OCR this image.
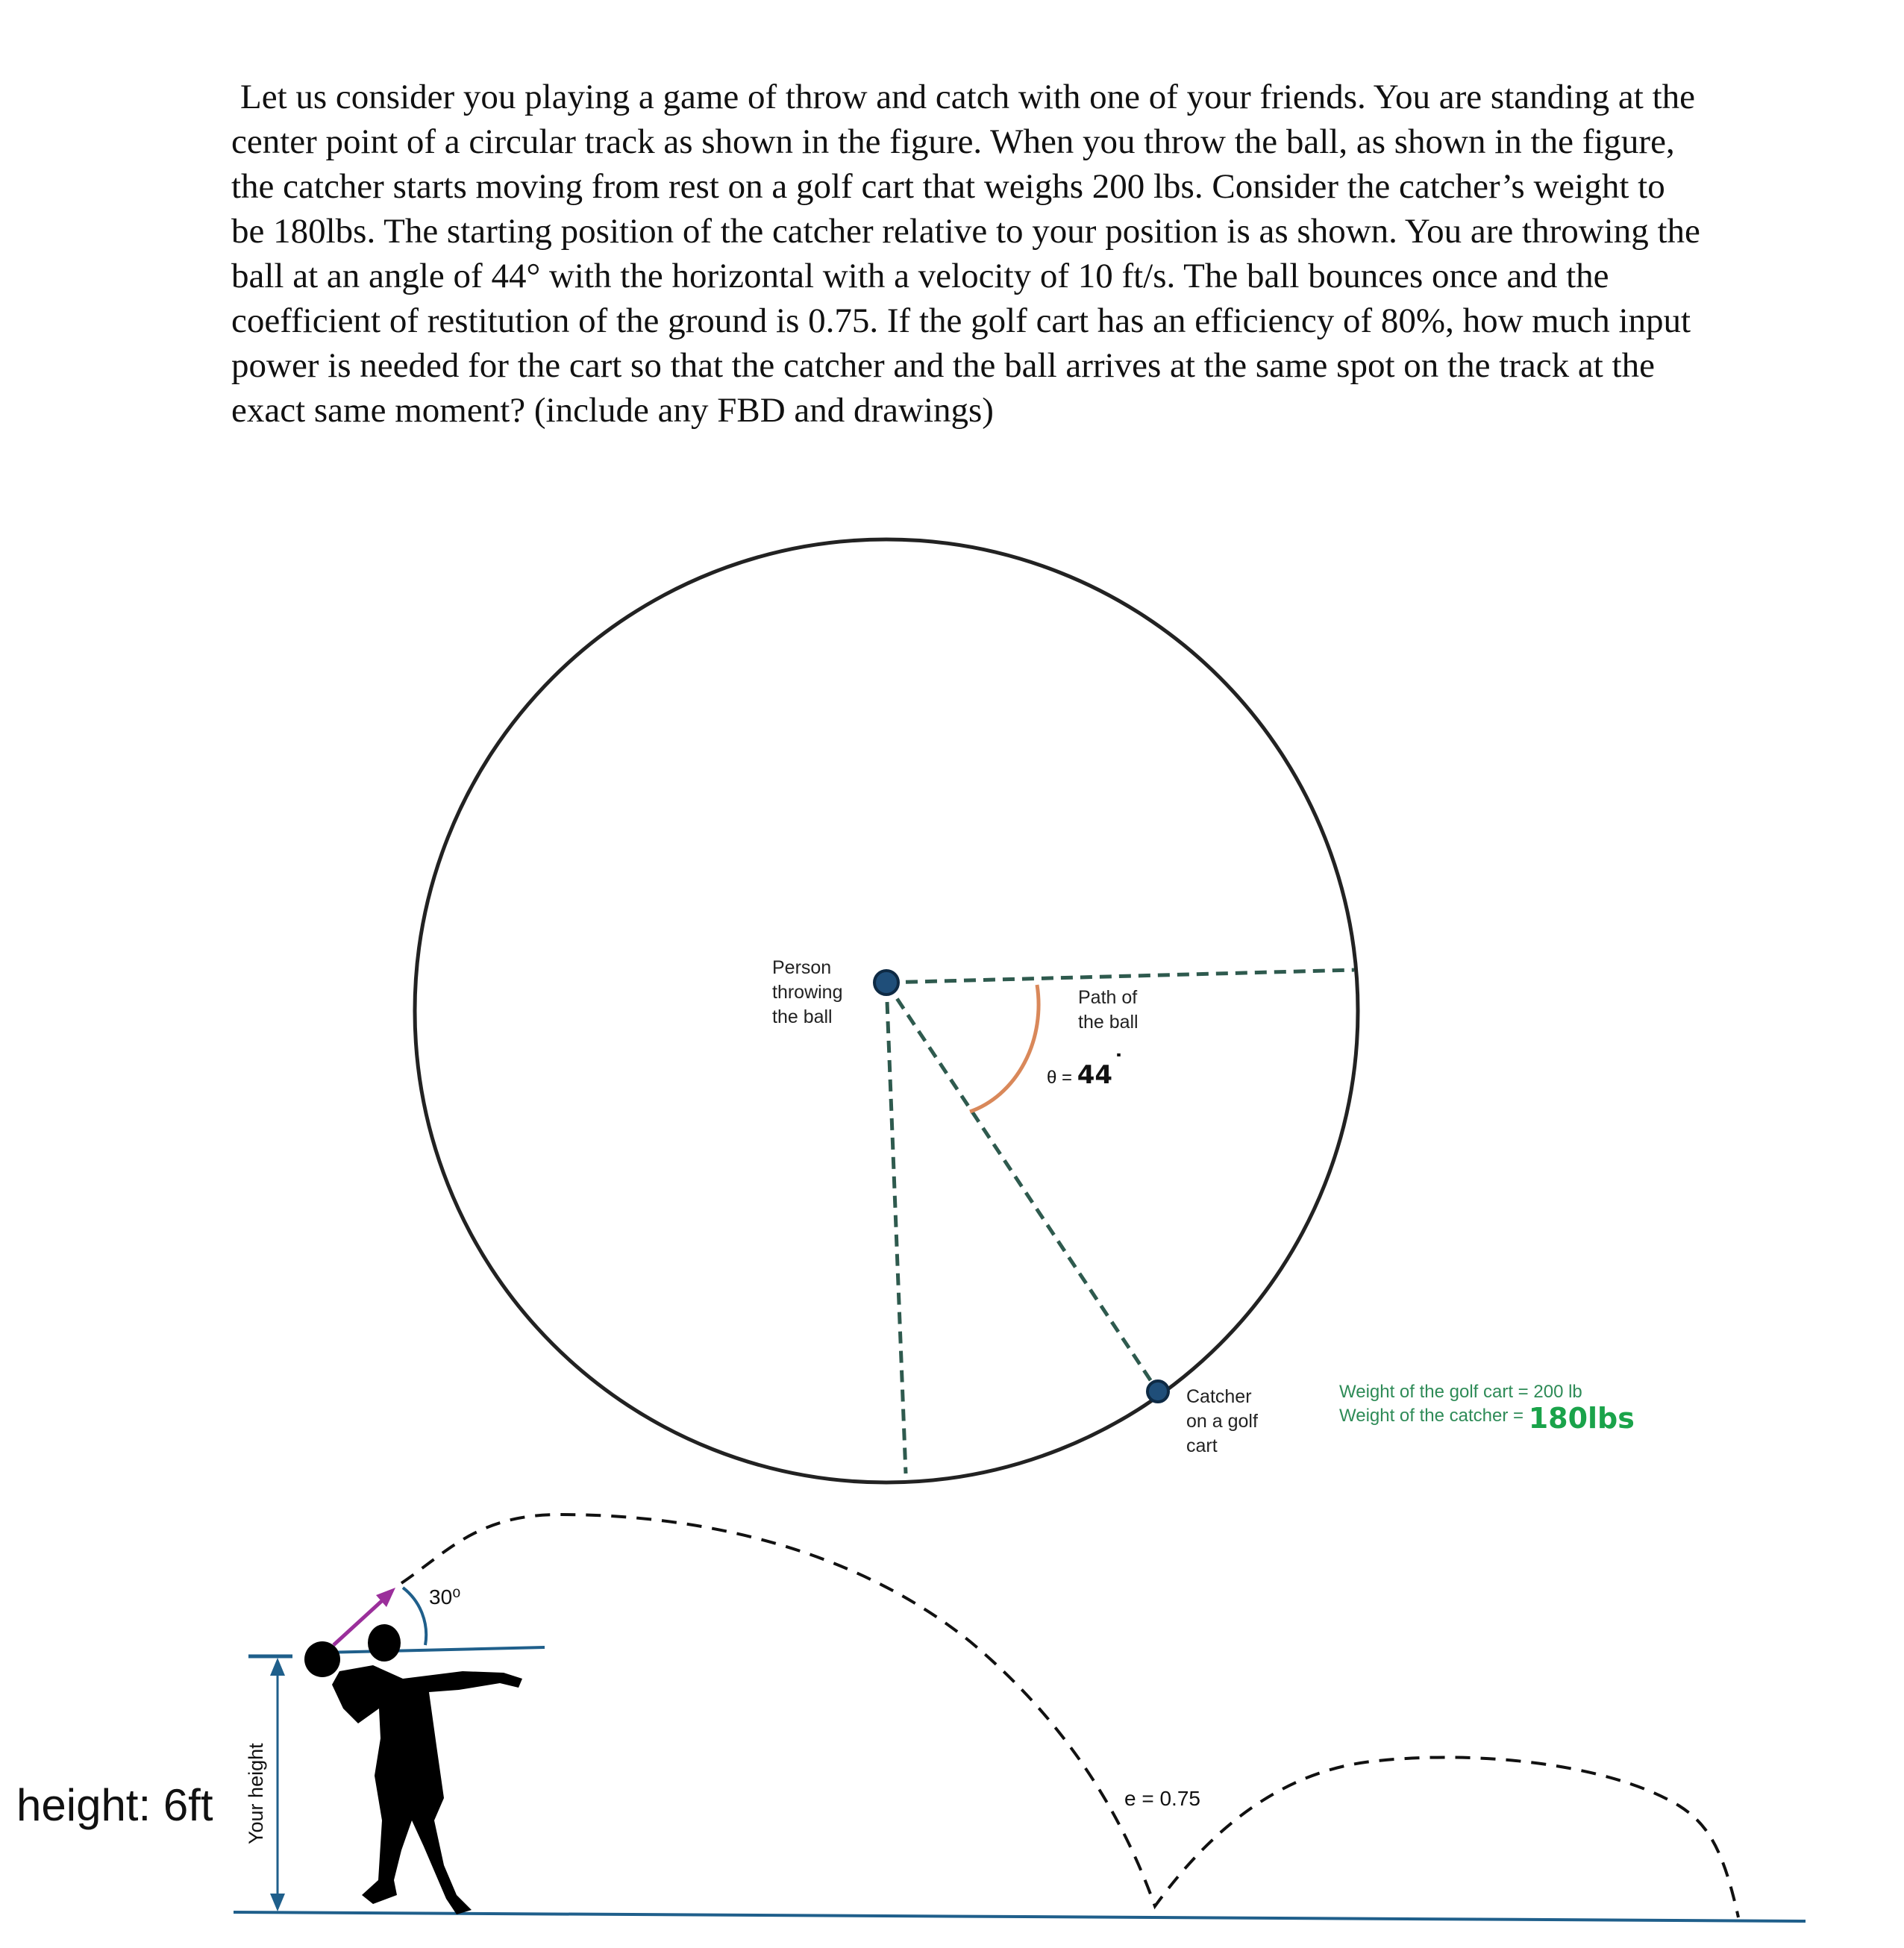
Let us consider you playing a game of throw and catch with one of your friends. You are standing at the
center point of a circular track as shown in the figure. When you throw the ball, as shown in the figure,
the catcher starts moving from rest on a golf cart that weighs 200 lbs. Consider the catcher’s weight to
be 180lbs. The starting position of the catcher relative to your position is as shown. You are throwing the
ball at an angle of 44° with the horizontal with a velocity of 10 ft/s. The ball bounces once and the
coefficient of restitution of the ground is 0.75. If the golf cart has an efficiency of 80%, how much input
power is needed for the cart so that the catcher and the ball arrives at the same spot on the track at the
exact same moment? (include any FBD and drawings)
Person throwing the ball
Path of the ball
θ = 44˙
Catcher on a golf cart
Weight of the golf cart = 200 lb
Weight of the catcher = 180lbs
Your height
height: 6ft
30⁰
e = 0.75
